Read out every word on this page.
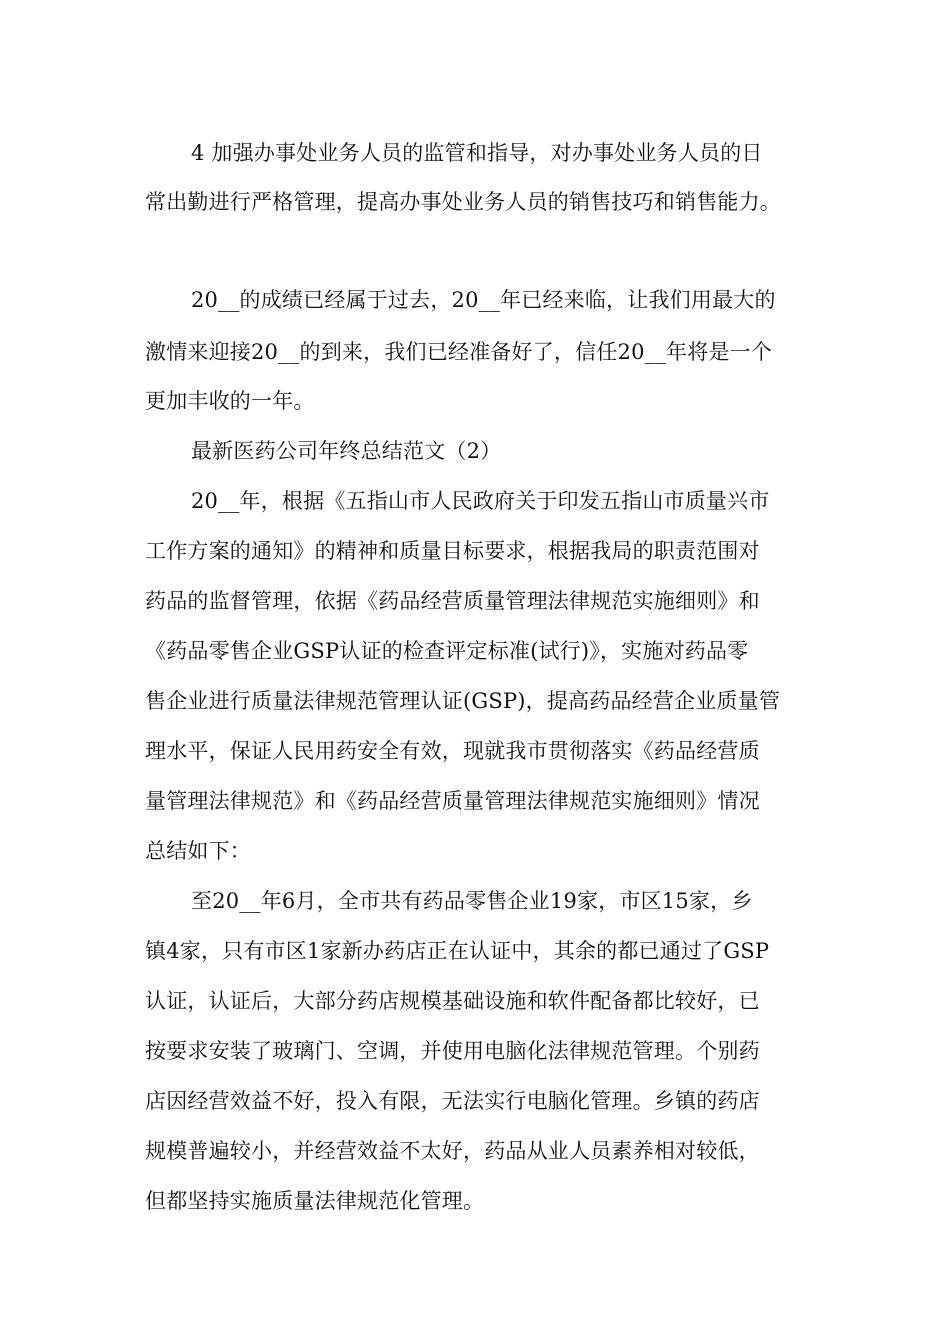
4 加强办事处业务人员的监管和指导，对办事处业务人员的日
常出勤进行严格管理，提高办事处业务人员的销售技巧和销售能力。
20__的成绩已经属于过去，20__年已经来临，让我们用最大的
激情来迎接20__的到来，我们已经准备好了，信任20__年将是一个
更加丰收的一年。
最新医药公司年终总结范文（2）
20__年，根据《五指山市人民政府关于印发五指山市质量兴市
工作方案的通知》的精神和质量目标要求，根据我局的职责范围对
药品的监督管理，依据《药品经营质量管理法律规范实施细则》和
《药品零售企业GSP认证的检查评定标准(试行)》，实施对药品零
售企业进行质量法律规范管理认证(GSP)，提高药品经营企业质量管
理水平，保证人民用药安全有效，现就我市贯彻落实《药品经营质
量管理法律规范》和《药品经营质量管理法律规范实施细则》情况
总结如下：
至20__年6月，全市共有药品零售企业19家，市区15家，乡
镇4家，只有市区1家新办药店正在认证中，其余的都已通过了GSP
认证，认证后，大部分药店规模基础设施和软件配备都比较好，已
按要求安装了玻璃门、空调，并使用电脑化法律规范管理。个别药
店因经营效益不好，投入有限，无法实行电脑化管理。乡镇的药店
规模普遍较小，并经营效益不太好，药品从业人员素养相对较低，
但都坚持实施质量法律规范化管理。
